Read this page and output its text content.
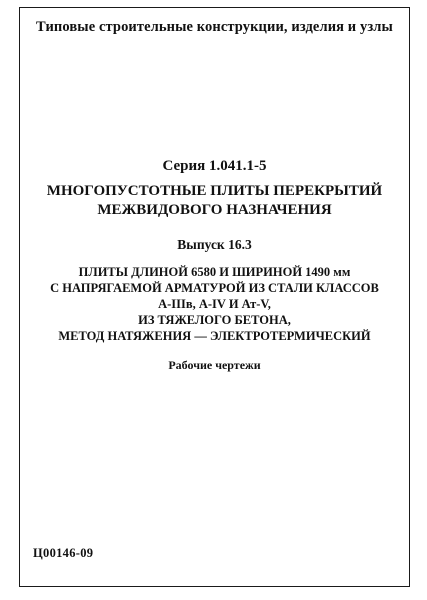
Типовые строительные конструкции, изделия и узлы
Серия 1.041.1-5
МНОГОПУСТОТНЫЕ ПЛИТЫ ПЕРЕКРЫТИЙ
МЕЖВИДОВОГО НАЗНАЧЕНИЯ
Выпуск 16.3
ПЛИТЫ ДЛИНОЙ 6580 И ШИРИНОЙ 1490 мм
С НАПРЯГАЕМОЙ АРМАТУРОЙ ИЗ СТАЛИ КЛАССОВ
А-IIIв, А-IV И Ат-V,
ИЗ ТЯЖЕЛОГО БЕТОНА,
МЕТОД НАТЯЖЕНИЯ — ЭЛЕКТРОТЕРМИЧЕСКИЙ
Рабочие чертежи
Ц00146-09
